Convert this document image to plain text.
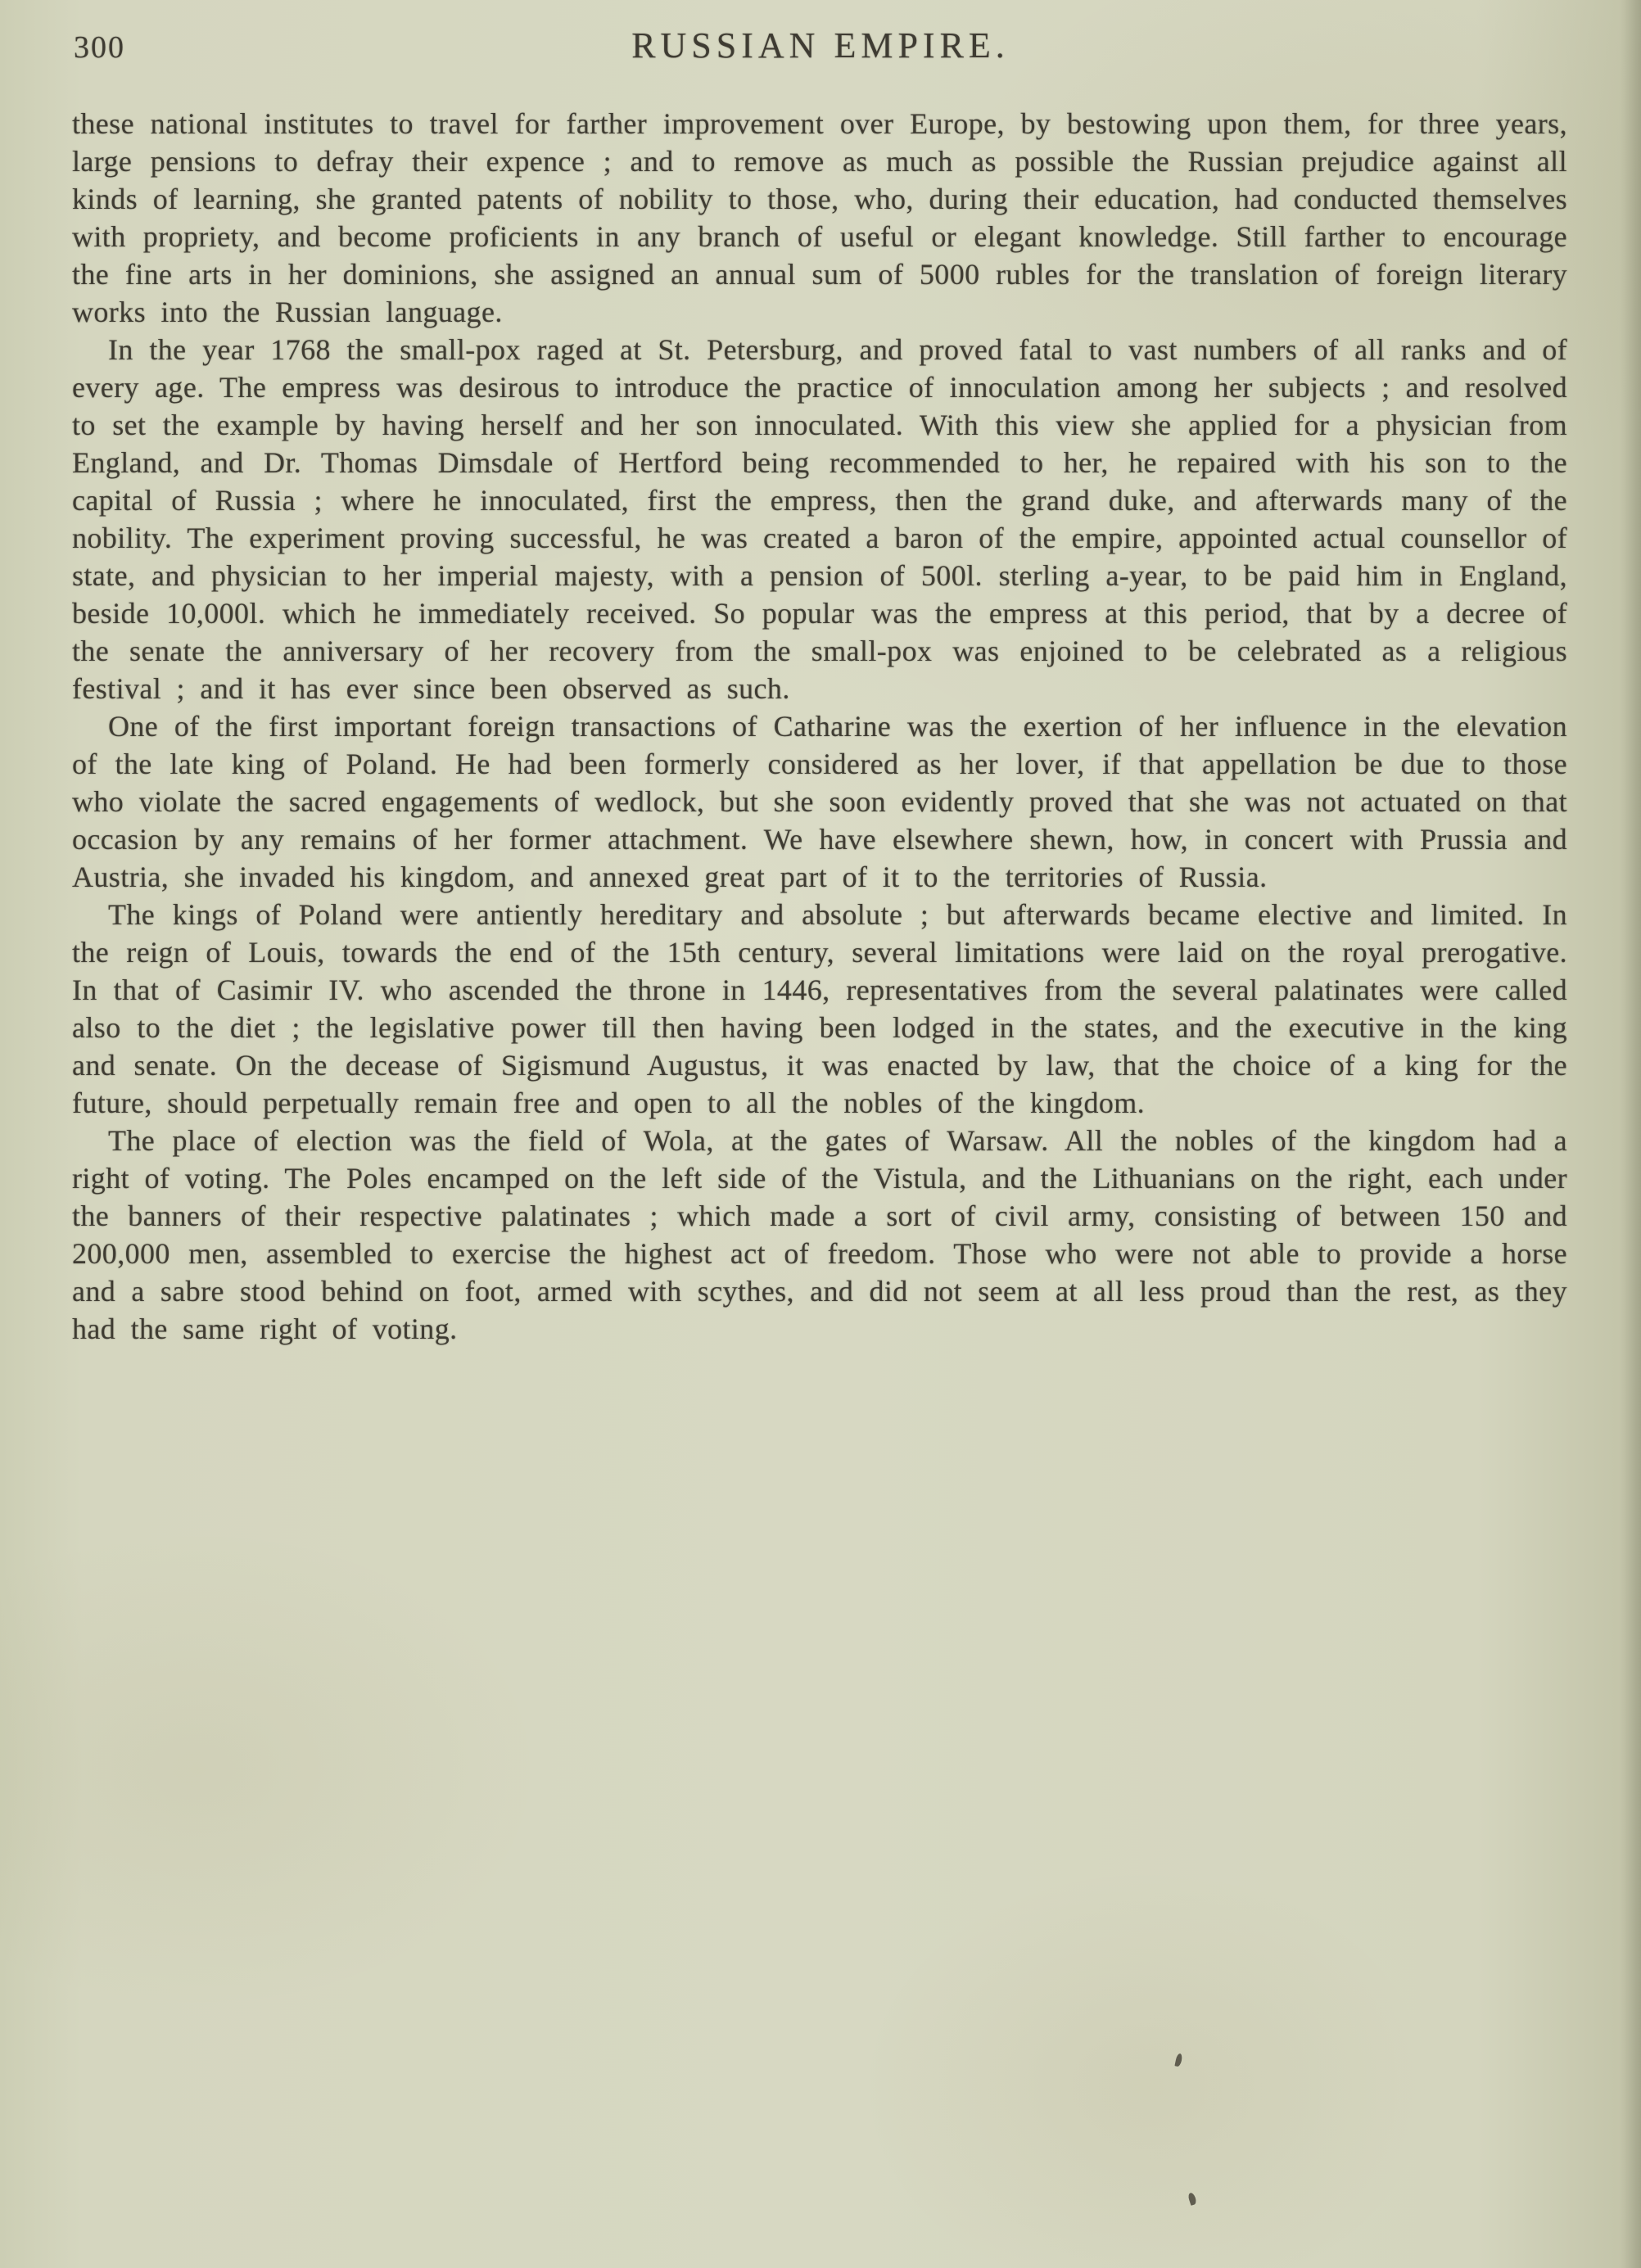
300	RUSSIAN EMPIRE.

these national institutes to travel for farther improvement over Europe, by bestowing upon them, for three years, large pensions to defray their expence ; and to remove as much as possible the Russian prejudice against all kinds of learning, she granted patents of nobility to those, who, during their education, had conducted themselves with propriety, and become proficients in any branch of useful or elegant knowledge. Still farther to encourage the fine arts in her dominions, she assigned an annual sum of 5000 rubles for the translation of foreign literary works into the Russian language.

In the year 1768 the small-pox raged at St. Petersburg, and proved fatal to vast numbers of all ranks and of every age. The empress was desirous to introduce the practice of innoculation among her subjects ; and resolved to set the example by having herself and her son innoculated. With this view she applied for a physician from England, and Dr. Thomas Dimsdale of Hertford being recommended to her, he repaired with his son to the capital of Russia ; where he innoculated, first the empress, then the grand duke, and afterwards many of the nobility. The experiment proving successful, he was created a baron of the empire, appointed actual counsellor of state, and physician to her imperial majesty, with a pension of 500l. sterling a-year, to be paid him in England, beside 10,000l. which he immediately received. So popular was the empress at this period, that by a decree of the senate the anniversary of her recovery from the small-pox was enjoined to be celebrated as a religious festival ; and it has ever since been observed as such.

One of the first important foreign transactions of Catharine was the exertion of her influence in the elevation of the late king of Poland. He had been formerly considered as her lover, if that appellation be due to those who violate the sacred engagements of wedlock, but she soon evidently proved that she was not actuated on that occasion by any remains of her former attachment. We have elsewhere shewn, how, in concert with Prussia and Austria, she invaded his kingdom, and annexed great part of it to the territories of Russia.

The kings of Poland were antiently hereditary and absolute ; but afterwards became elective and limited. In the reign of Louis, towards the end of the 15th century, several limitations were laid on the royal prerogative. In that of Casimir IV. who ascended the throne in 1446, representatives from the several palatinates were called also to the diet ; the legislative power till then having been lodged in the states, and the executive in the king and senate. On the decease of Sigismund Augustus, it was enacted by law, that the choice of a king for the future, should perpetually remain free and open to all the nobles of the kingdom.

The place of election was the field of Wola, at the gates of Warsaw. All the nobles of the kingdom had a right of voting. The Poles encamped on the left side of the Vistula, and the Lithuanians on the right, each under the banners of their respective palatinates ; which made a sort of civil army, consisting of between 150 and 200,000 men, assembled to exercise the highest act of freedom. Those who were not able to provide a horse and a sabre stood behind on foot, armed with scythes, and did not seem at all less proud than the rest, as they had the same right of voting.
